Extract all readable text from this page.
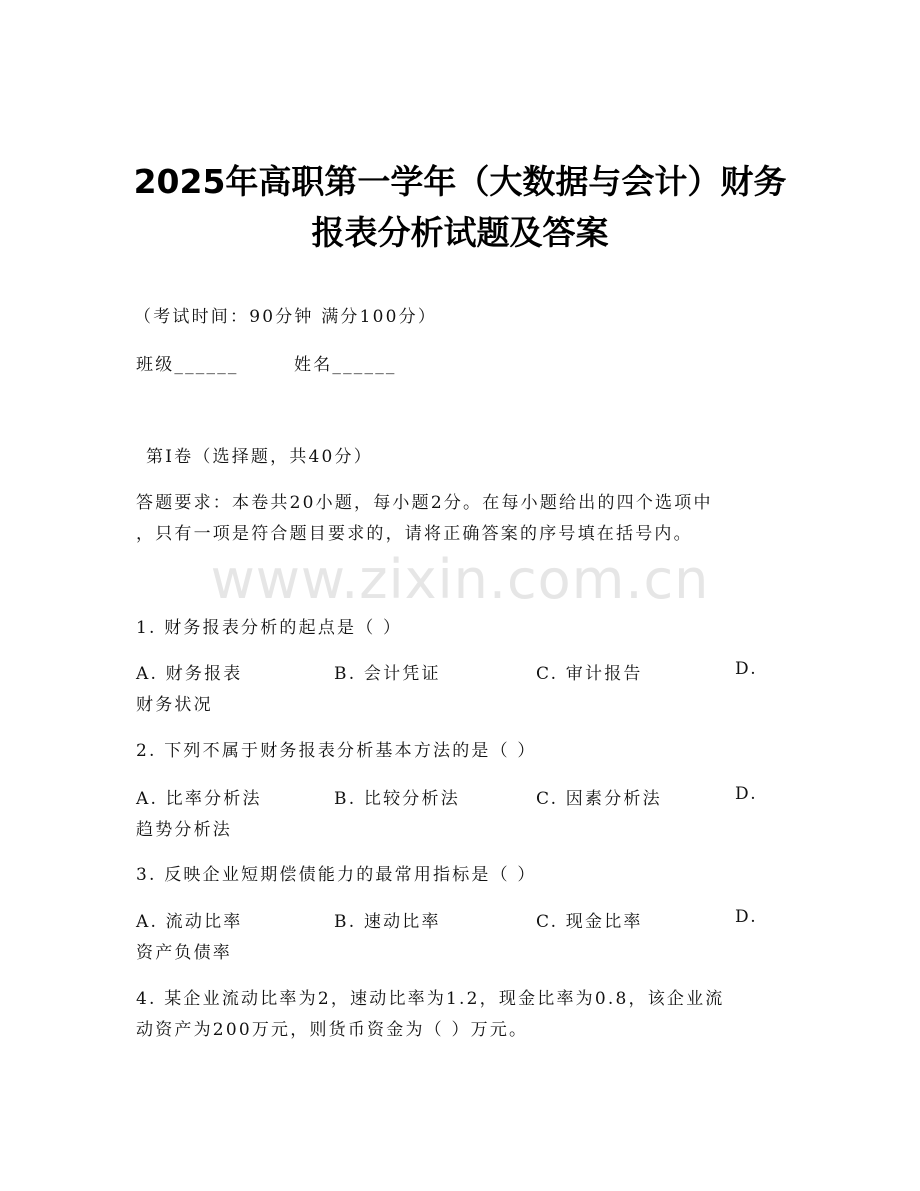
2025年高职第一学年（大数据与会计）财务
报表分析试题及答案
（考试时间：90分钟 满分100分）
班级______	姓名______
第I卷（选择题，共40分）
答题要求：本卷共20小题，每小题2分。在每小题给出的四个选项中
，只有一项是符合题目要求的，请将正确答案的序号填在括号内。
www.zixin.com.cn
1. 财务报表分析的起点是（ ）
A. 财务报表	B. 会计凭证	C. 审计报告	D.
财务状况
2. 下列不属于财务报表分析基本方法的是（ ）
A. 比率分析法	B. 比较分析法	C. 因素分析法	D.
趋势分析法
3. 反映企业短期偿债能力的最常用指标是（ ）
A. 流动比率	B. 速动比率	C. 现金比率	D.
资产负债率
4. 某企业流动比率为2，速动比率为1.2，现金比率为0.8，该企业流
动资产为200万元，则货币资金为（ ）万元。
